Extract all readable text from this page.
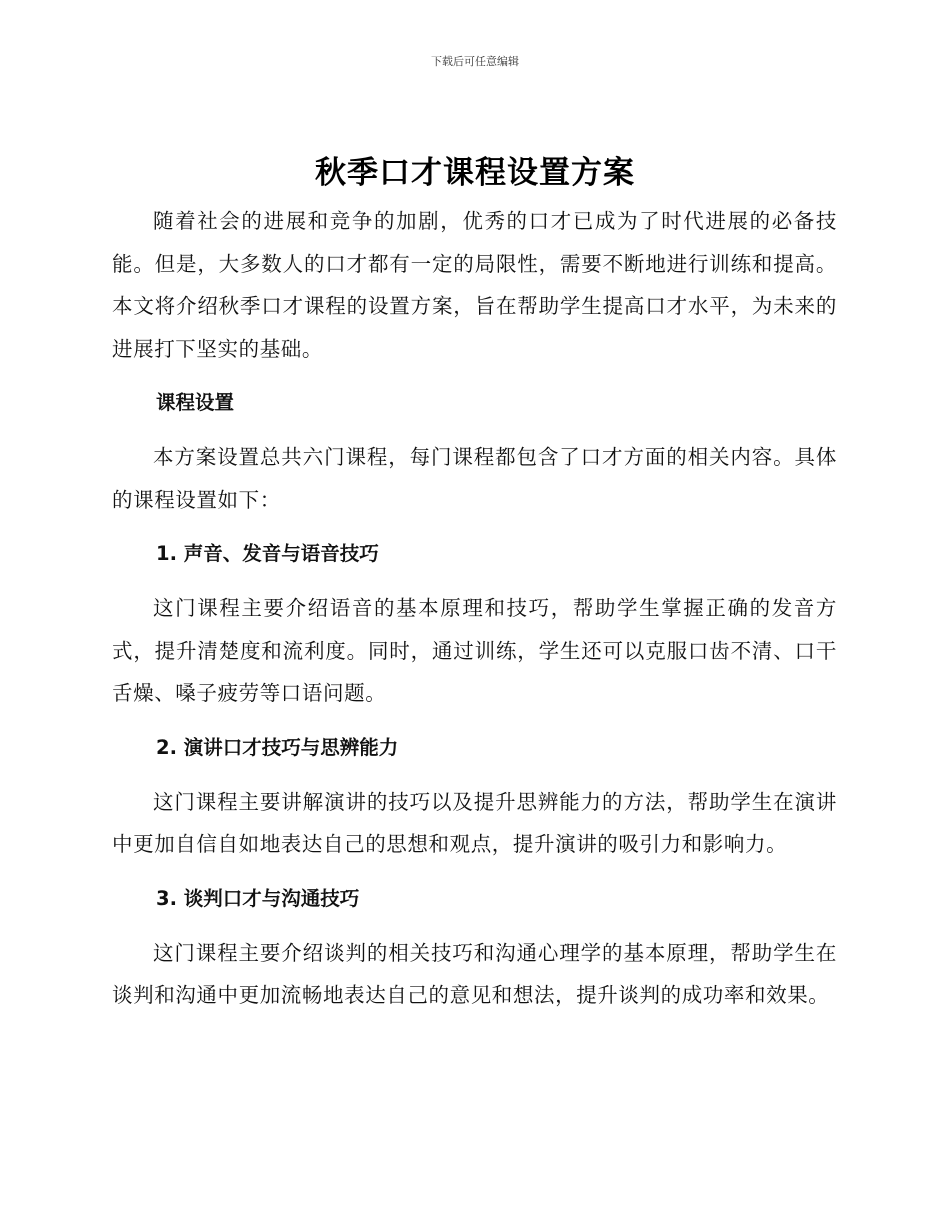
下载后可任意编辑
秋季口才课程设置方案

随着社会的进展和竞争的加剧，优秀的口才已成为了时代进展的必备技能。但是，大多数人的口才都有一定的局限性，需要不断地进行训练和提高。本文将介绍秋季口才课程的设置方案，旨在帮助学生提高口才水平，为未来的进展打下坚实的基础。

课程设置

本方案设置总共六门课程，每门课程都包含了口才方面的相关内容。具体的课程设置如下：

1. 声音、发音与语音技巧

这门课程主要介绍语音的基本原理和技巧，帮助学生掌握正确的发音方式，提升清楚度和流利度。同时，通过训练，学生还可以克服口齿不清、口干舌燥、嗓子疲劳等口语问题。

2. 演讲口才技巧与思辨能力

这门课程主要讲解演讲的技巧以及提升思辨能力的方法，帮助学生在演讲中更加自信自如地表达自己的思想和观点，提升演讲的吸引力和影响力。

3. 谈判口才与沟通技巧

这门课程主要介绍谈判的相关技巧和沟通心理学的基本原理，帮助学生在谈判和沟通中更加流畅地表达自己的意见和想法，提升谈判的成功率和效果。
